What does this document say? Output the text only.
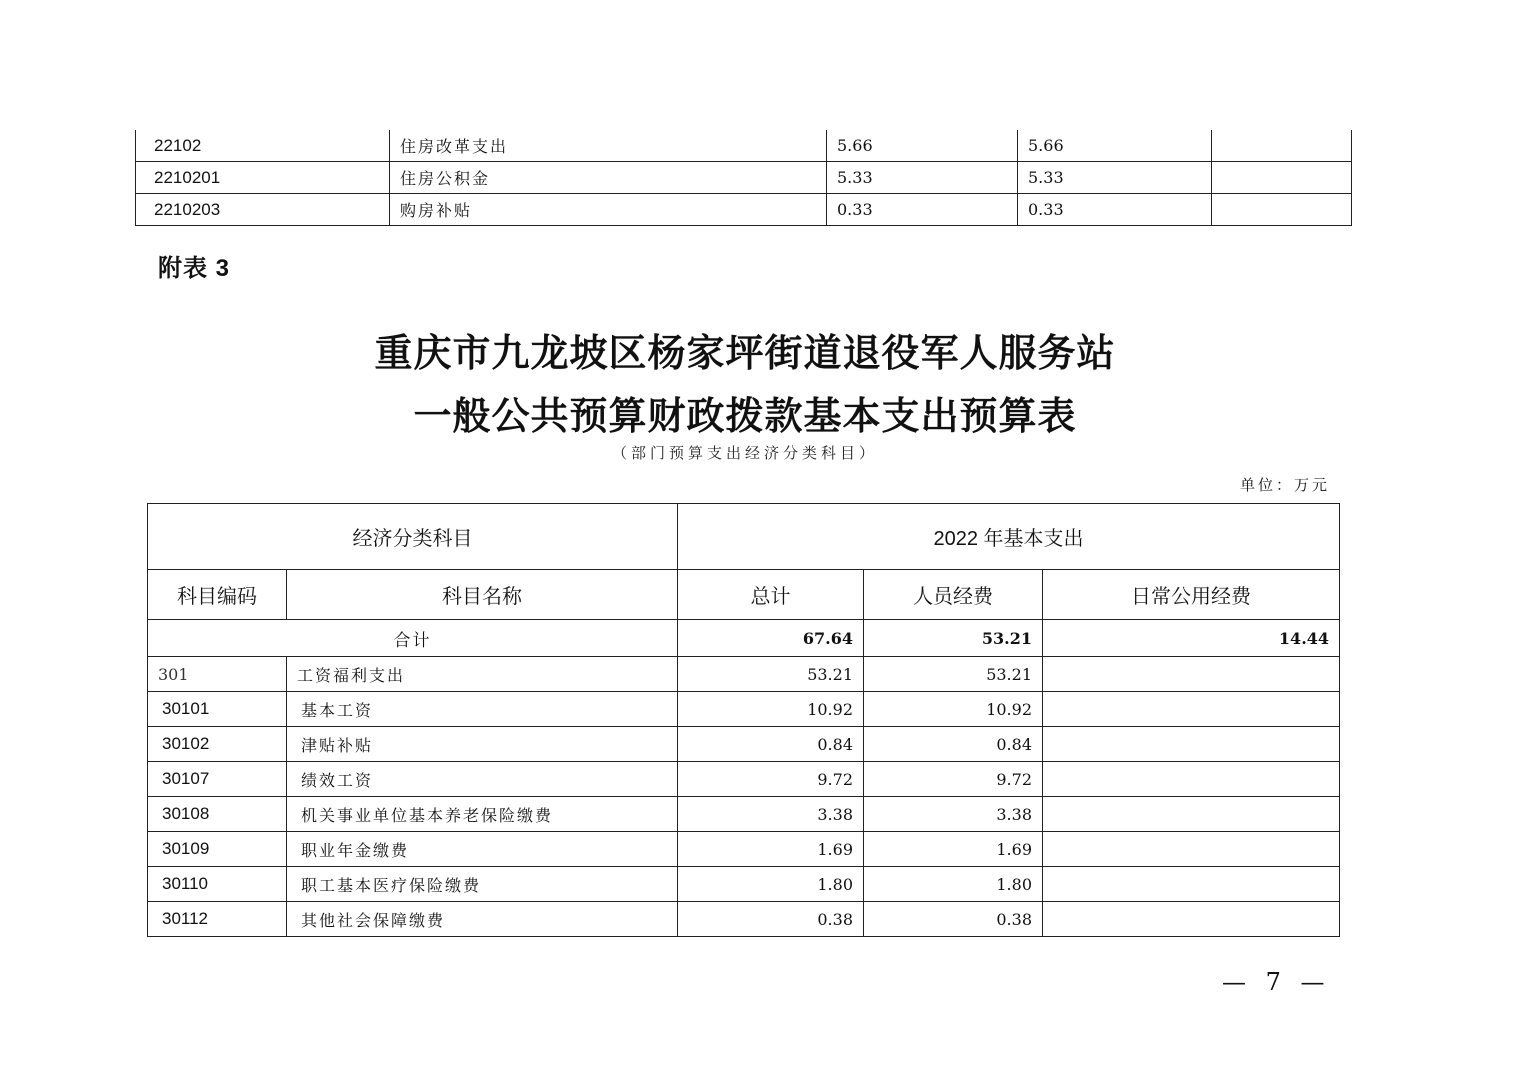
22102	住房改革支出	5.66	5.66	
2210201	住房公积金	5.33	5.33	
2210203	购房补贴	0.33	0.33	
附表 3
重庆市九龙坡区杨家坪街道退役军人服务站
一般公共预算财政拨款基本支出预算表
（部门预算支出经济分类科目）
单位：万元
经济分类科目		2022 年基本支出		
科目编码	科目名称	总计	人员经费	日常公用经费
合计		67.64	53.21	14.44
301	工资福利支出	53.21	53.21	
30101	基本工资	10.92	10.92	
30102	津贴补贴	0.84	0.84	
30107	绩效工资	9.72	9.72	
30108	机关事业单位基本养老保险缴费	3.38	3.38	
30109	职业年金缴费	1.69	1.69	
30110	职工基本医疗保险缴费	1.80	1.80	
30112	其他社会保障缴费	0.38	0.38	
— 7 —
